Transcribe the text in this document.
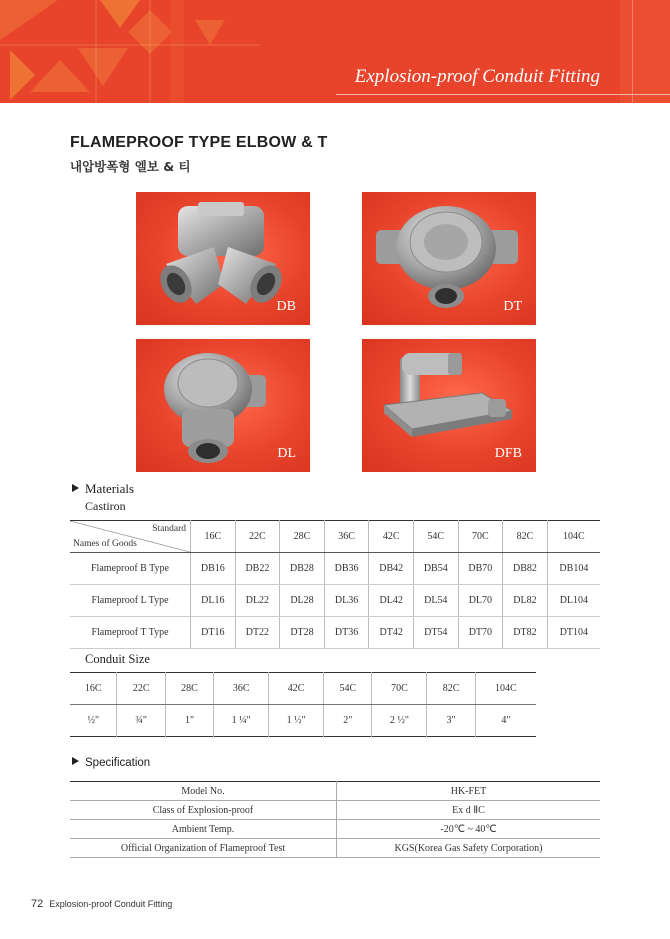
Explosion-proof Conduit Fitting
FLAMEPROOF TYPE ELBOW & T
내압방폭형 엘보 & 티
DB	DT
DL	DFB
Materials
Castiron
Standard
Names of Goods	16C	22C	28C	36C	42C	54C	70C	82C	104C
Flameproof B Type	DB16	DB22	DB28	DB36	DB42	DB54	DB70	DB82	DB104
Flameproof L Type	DL16	DL22	DL28	DL36	DL42	DL54	DL70	DL82	DL104
Flameproof T Type	DT16	DT22	DT28	DT36	DT42	DT54	DT70	DT82	DT104
Conduit Size
16C	22C	28C	36C	42C	54C	70C	82C	104C
½"	¾"	1"	1 ¼"	1 ½"	2"	2 ½"	3"	4"
Specification
Model No.	HK-FET
Class of Explosion-proof	Ex d ⅡC
Ambient Temp.	-20℃ ~ 40℃
Official Organization of Flameproof Test	KGS(Korea Gas Safety Corporation)
72 Explosion-proof Conduit Fitting
